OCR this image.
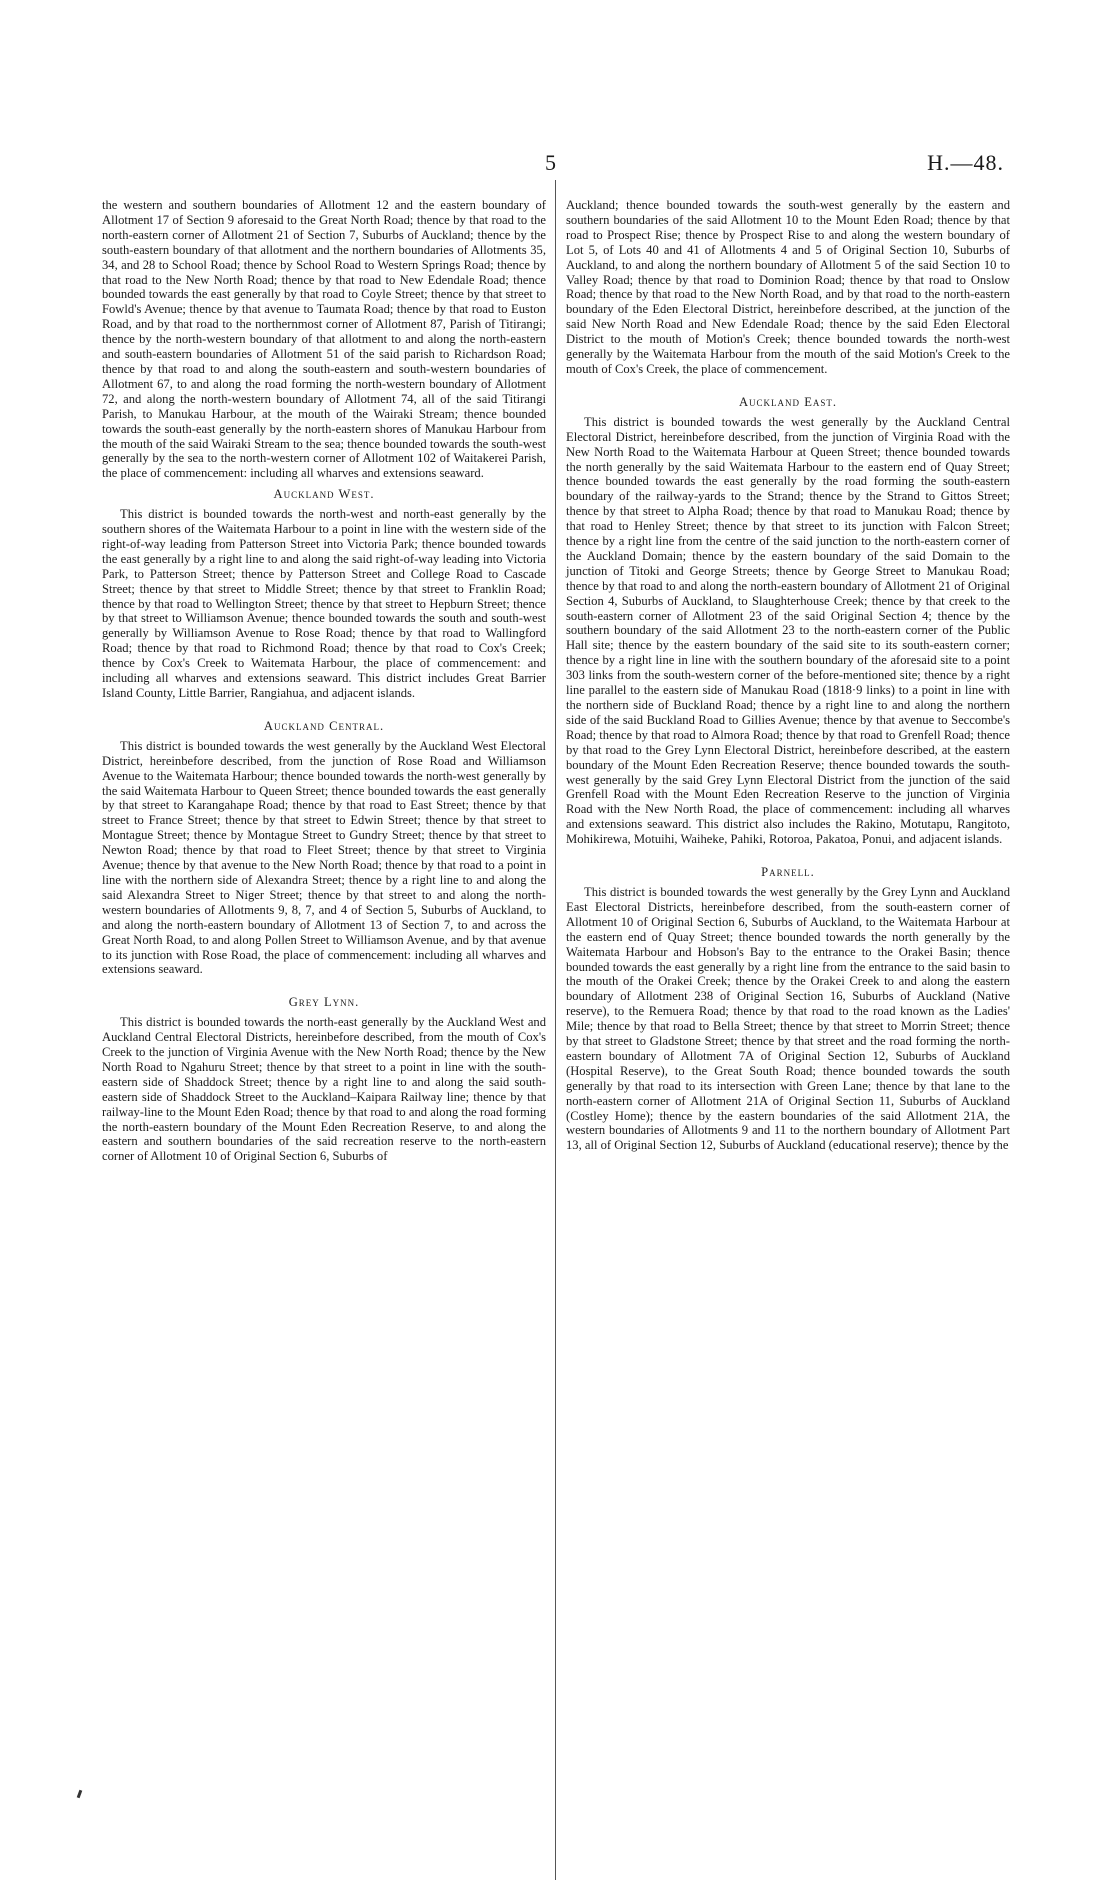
5	H.—48.

the western and southern boundaries of Allotment 12 and the eastern boundary of Allotment 17 of Section 9 aforesaid to the Great North Road; thence by that road to the north-eastern corner of Allotment 21 of Section 7, Suburbs of Auckland; thence by the south-eastern boundary of that allotment and the northern boundaries of Allotments 35, 34, and 28 to School Road; thence by School Road to Western Springs Road; thence by that road to the New North Road; thence by that road to New Edendale Road; thence bounded towards the east generally by that road to Coyle Street; thence by that street to Fowld's Avenue; thence by that avenue to Taumata Road; thence by that road to Euston Road, and by that road to the northernmost corner of Allotment 87, Parish of Titirangi; thence by the north-western boundary of that allotment to and along the north-eastern and south-eastern boundaries of Allotment 51 of the said parish to Richardson Road; thence by that road to and along the south-eastern and south-western boundaries of Allotment 67, to and along the road forming the north-western boundary of Allotment 72, and along the north-western boundary of Allotment 74, all of the said Titirangi Parish, to Manukau Harbour, at the mouth of the Wairaki Stream; thence bounded towards the south-east generally by the north-eastern shores of Manukau Harbour from the mouth of the said Wairaki Stream to the sea; thence bounded towards the south-west generally by the sea to the north-western corner of Allotment 102 of Waitakerei Parish, the place of commencement: including all wharves and extensions seaward.

Auckland West.

This district is bounded towards the north-west and north-east generally by the southern shores of the Waitemata Harbour to a point in line with the western side of the right-of-way leading from Patterson Street into Victoria Park; thence bounded towards the east generally by a right line to and along the said right-of-way leading into Victoria Park, to Patterson Street; thence by Patterson Street and College Road to Cascade Street; thence by that street to Middle Street; thence by that street to Franklin Road; thence by that road to Wellington Street; thence by that street to Hepburn Street; thence by that street to Williamson Avenue; thence bounded towards the south and south-west generally by Williamson Avenue to Rose Road; thence by that road to Wallingford Road; thence by that road to Richmond Road; thence by that road to Cox's Creek; thence by Cox's Creek to Waitemata Harbour, the place of commencement: and including all wharves and extensions seaward. This district includes Great Barrier Island County, Little Barrier, Rangiahua, and adjacent islands.

Auckland Central.

This district is bounded towards the west generally by the Auckland West Electoral District, hereinbefore described, from the junction of Rose Road and Williamson Avenue to the Waitemata Harbour; thence bounded towards the north-west generally by the said Waitemata Harbour to Queen Street; thence bounded towards the east generally by that street to Karangahape Road; thence by that road to East Street; thence by that street to France Street; thence by that street to Edwin Street; thence by that street to Montague Street; thence by Montague Street to Gundry Street; thence by that street to Newton Road; thence by that road to Fleet Street; thence by that street to Virginia Avenue; thence by that avenue to the New North Road; thence by that road to a point in line with the northern side of Alexandra Street; thence by a right line to and along the said Alexandra Street to Niger Street; thence by that street to and along the north-western boundaries of Allotments 9, 8, 7, and 4 of Section 5, Suburbs of Auckland, to and along the north-eastern boundary of Allotment 13 of Section 7, to and across the Great North Road, to and along Pollen Street to Williamson Avenue, and by that avenue to its junction with Rose Road, the place of commencement: including all wharves and extensions seaward.

Grey Lynn.

This district is bounded towards the north-east generally by the Auckland West and Auckland Central Electoral Districts, hereinbefore described, from the mouth of Cox's Creek to the junction of Virginia Avenue with the New North Road; thence by the New North Road to Ngahuru Street; thence by that street to a point in line with the south-eastern side of Shaddock Street; thence by a right line to and along the said south-eastern side of Shaddock Street to the Auckland–Kaipara Railway line; thence by that railway-line to the Mount Eden Road; thence by that road to and along the road forming the north-eastern boundary of the Mount Eden Recreation Reserve, to and along the eastern and southern boundaries of the said recreation reserve to the north-eastern corner of Allotment 10 of Original Section 6, Suburbs of

Auckland; thence bounded towards the south-west generally by the eastern and southern boundaries of the said Allotment 10 to the Mount Eden Road; thence by that road to Prospect Rise; thence by Prospect Rise to and along the western boundary of Lot 5, of Lots 40 and 41 of Allotments 4 and 5 of Original Section 10, Suburbs of Auckland, to and along the northern boundary of Allotment 5 of the said Section 10 to Valley Road; thence by that road to Dominion Road; thence by that road to Onslow Road; thence by that road to the New North Road, and by that road to the north-eastern boundary of the Eden Electoral District, hereinbefore described, at the junction of the said New North Road and New Edendale Road; thence by the said Eden Electoral District to the mouth of Motion's Creek; thence bounded towards the north-west generally by the Waitemata Harbour from the mouth of the said Motion's Creek to the mouth of Cox's Creek, the place of commencement.

Auckland East.

This district is bounded towards the west generally by the Auckland Central Electoral District, hereinbefore described, from the junction of Virginia Road with the New North Road to the Waitemata Harbour at Queen Street; thence bounded towards the north generally by the said Waitemata Harbour to the eastern end of Quay Street; thence bounded towards the east generally by the road forming the south-eastern boundary of the railway-yards to the Strand; thence by the Strand to Gittos Street; thence by that street to Alpha Road; thence by that road to Manukau Road; thence by that road to Henley Street; thence by that street to its junction with Falcon Street; thence by a right line from the centre of the said junction to the north-eastern corner of the Auckland Domain; thence by the eastern boundary of the said Domain to the junction of Titoki and George Streets; thence by George Street to Manukau Road; thence by that road to and along the north-eastern boundary of Allotment 21 of Original Section 4, Suburbs of Auckland, to Slaughterhouse Creek; thence by that creek to the south-eastern corner of Allotment 23 of the said Original Section 4; thence by the southern boundary of the said Allotment 23 to the north-eastern corner of the Public Hall site; thence by the eastern boundary of the said site to its south-eastern corner; thence by a right line in line with the southern boundary of the aforesaid site to a point 303 links from the south-western corner of the before-mentioned site; thence by a right line parallel to the eastern side of Manukau Road (1818·9 links) to a point in line with the northern side of Buckland Road; thence by a right line to and along the northern side of the said Buckland Road to Gillies Avenue; thence by that avenue to Seccombe's Road; thence by that road to Almora Road; thence by that road to Grenfell Road; thence by that road to the Grey Lynn Electoral District, hereinbefore described, at the eastern boundary of the Mount Eden Recreation Reserve; thence bounded towards the south-west generally by the said Grey Lynn Electoral District from the junction of the said Grenfell Road with the Mount Eden Recreation Reserve to the junction of Virginia Road with the New North Road, the place of commencement: including all wharves and extensions seaward. This district also includes the Rakino, Motutapu, Rangitoto, Mohikirewa, Motuihi, Waiheke, Pahiki, Rotoroa, Pakatoa, Ponui, and adjacent islands.

Parnell.

This district is bounded towards the west generally by the Grey Lynn and Auckland East Electoral Districts, hereinbefore described, from the south-eastern corner of Allotment 10 of Original Section 6, Suburbs of Auckland, to the Waitemata Harbour at the eastern end of Quay Street; thence bounded towards the north generally by the Waitemata Harbour and Hobson's Bay to the entrance to the Orakei Basin; thence bounded towards the east generally by a right line from the entrance to the said basin to the mouth of the Orakei Creek; thence by the Orakei Creek to and along the eastern boundary of Allotment 238 of Original Section 16, Suburbs of Auckland (Native reserve), to the Remuera Road; thence by that road to the road known as the Ladies' Mile; thence by that road to Bella Street; thence by that street to Morrin Street; thence by that street to Gladstone Street; thence by that street and the road forming the north-eastern boundary of Allotment 7A of Original Section 12, Suburbs of Auckland (Hospital Reserve), to the Great South Road; thence bounded towards the south generally by that road to its intersection with Green Lane; thence by that lane to the north-eastern corner of Allotment 21A of Original Section 11, Suburbs of Auckland (Costley Home); thence by the eastern boundaries of the said Allotment 21A, the western boundaries of Allotments 9 and 11 to the northern boundary of Allotment Part 13, all of Original Section 12, Suburbs of Auckland (educational reserve); thence by the
